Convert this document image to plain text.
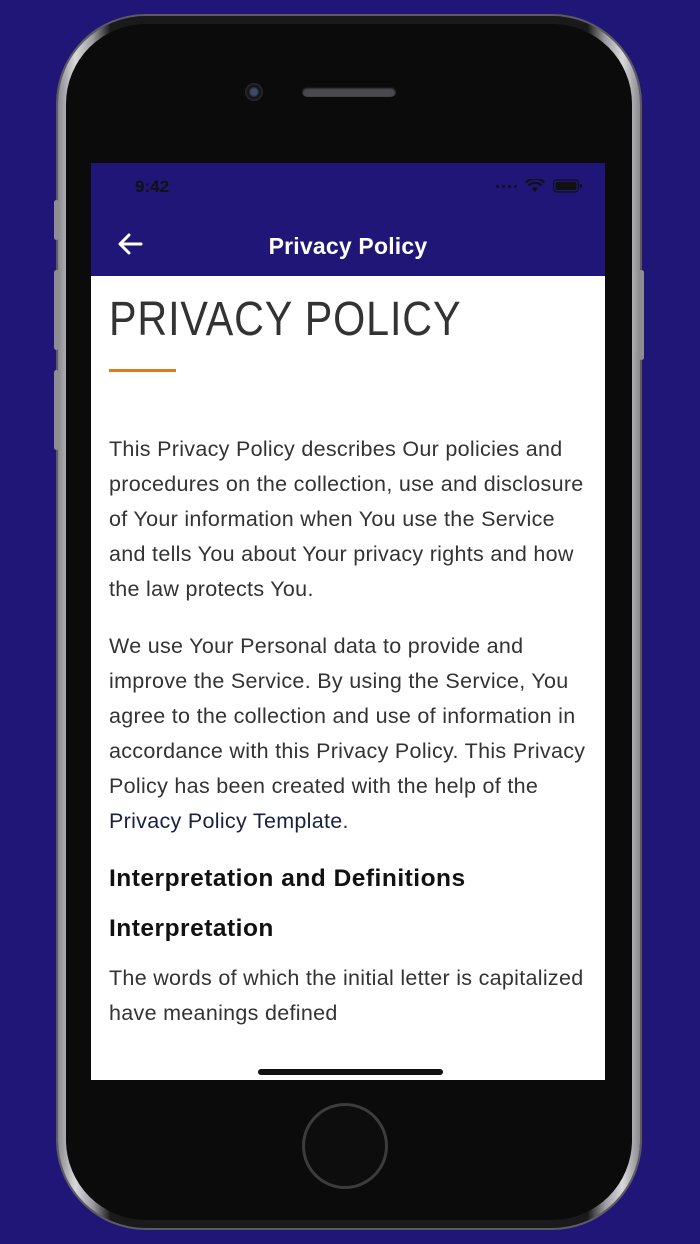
9:42
Privacy Policy
PRIVACY POLICY

This Privacy Policy describes Our policies and procedures on the collection, use and disclosure of Your information when You use the Service and tells You about Your privacy rights and how the law protects You.

We use Your Personal data to provide and improve the Service. By using the Service, You agree to the collection and use of information in accordance with this Privacy Policy. This Privacy Policy has been created with the help of the Privacy Policy Template.

Interpretation and Definitions
Interpretation

The words of which the initial letter is capitalized have meanings defined
